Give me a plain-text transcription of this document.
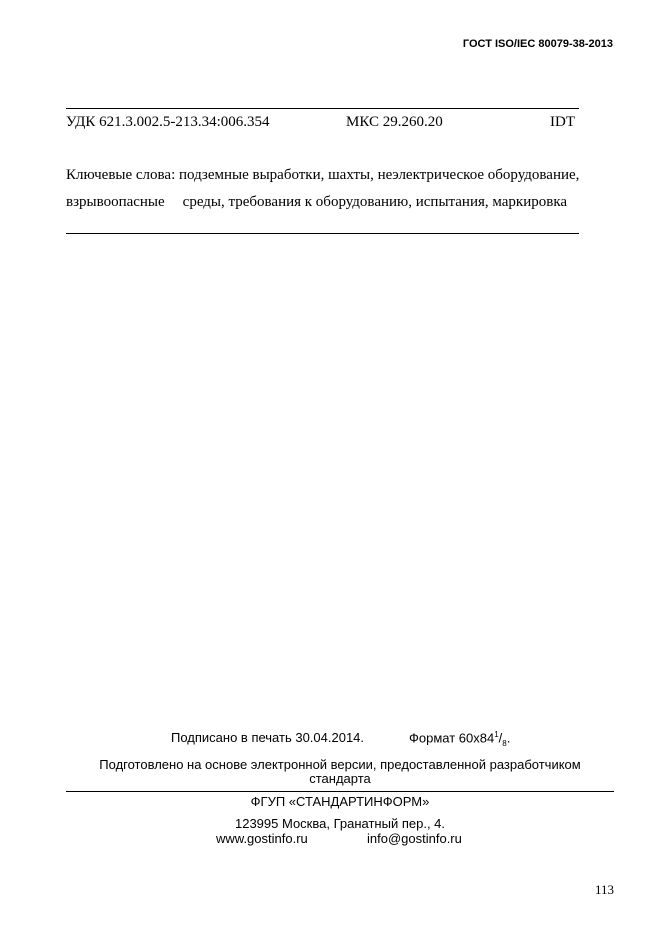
ГОСТ ISO/IEC 80079-38-2013
УДК 621.3.002.5-213.34:006.354	МКС 29.260.20	IDT
Ключевые слова: подземные выработки, шахты, неэлектрическое оборудование,
взрывоопасные среды, требования к оборудованию, испытания, маркировка
Подписано в печать 30.04.2014.	Формат $60x84^1/_8$.
Подготовлено на основе электронной версии, предоставленной разработчиком
стандарта
ФГУП «СТАНДАРТИНФОРМ»
123995 Москва, Гранатный пер., 4.
www.gostinfo.ru	info@gostinfo.ru
113
